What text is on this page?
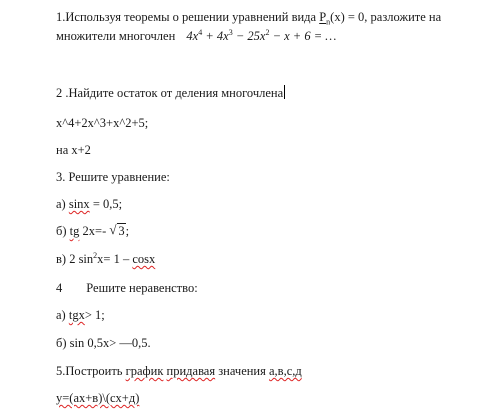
1.Используя теоремы о решении уравнений вида $P_n(x) = 0$, разложите на
множители многочлен $4x^4 + 4x^3 - 25x^2 - x + 6$ = …
2 .Найдите остаток от деления многочлена
x^4+2x^3+x^2+5;
на x+2
3. Решите уравнение:
а) sinx = 0,5;
б) tg 2x=- √ 3;
в) 2 $\sin^2x= 1 - \cos x$
4 Решите неравенство:
а) tgx> 1;
б) sin 0,5x> —0,5.
5.Построить график придавая значения a,в,с,д
y=(ax+в)\(cx+д)
